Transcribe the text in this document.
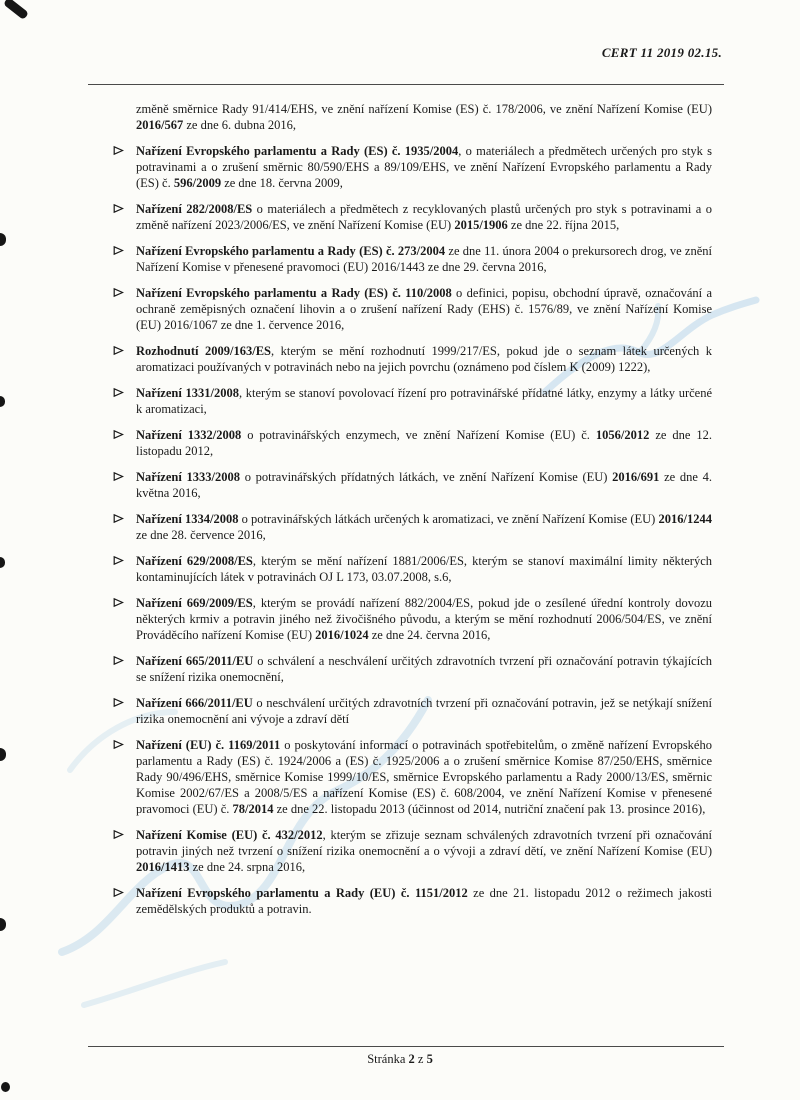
CERT 11 2019 02.15.

změně směrnice Rady 91/414/EHS, ve znění nařízení Komise (ES) č. 178/2006, ve znění Nařízení Komise (EU) 2016/567 ze dne 6. dubna 2016,

Nařízení Evropského parlamentu a Rady (ES) č. 1935/2004, o materiálech a předmětech určených pro styk s potravinami a o zrušení směrnic 80/590/EHS a 89/109/EHS, ve znění Nařízení Evropského parlamentu a Rady (ES) č. 596/2009 ze dne 18. června 2009,
Nařízení 282/2008/ES o materiálech a předmětech z recyklovaných plastů určených pro styk s potravinami a o změně nařízení 2023/2006/ES, ve znění Nařízení Komise (EU) 2015/1906 ze dne 22. října 2015,
Nařízení Evropského parlamentu a Rady (ES) č. 273/2004 ze dne 11. února 2004 o prekursorech drog, ve znění Nařízení Komise v přenesené pravomoci (EU) 2016/1443 ze dne 29. června 2016,
Nařízení Evropského parlamentu a Rady (ES) č. 110/2008 o definici, popisu, obchodní úpravě, označování a ochraně zeměpisných označení lihovin a o zrušení nařízení Rady (EHS) č. 1576/89, ve znění Nařízení Komise (EU) 2016/1067 ze dne 1. července 2016,
Rozhodnutí 2009/163/ES, kterým se mění rozhodnutí 1999/217/ES, pokud jde o seznam látek určených k aromatizaci používaných v potravinách nebo na jejich povrchu (oznámeno pod číslem K (2009) 1222),
Nařízení 1331/2008, kterým se stanoví povolovací řízení pro potravinářské přídatné látky, enzymy a látky určené k aromatizaci,
Nařízení 1332/2008 o potravinářských enzymech, ve znění Nařízení Komise (EU) č. 1056/2012 ze dne 12. listopadu 2012,
Nařízení 1333/2008 o potravinářských přídatných látkách, ve znění Nařízení Komise (EU) 2016/691 ze dne 4. května 2016,
Nařízení 1334/2008 o potravinářských látkách určených k aromatizaci, ve znění Nařízení Komise (EU) 2016/1244 ze dne 28. července 2016,
Nařízení 629/2008/ES, kterým se mění nařízení 1881/2006/ES, kterým se stanoví maximální limity některých kontaminujících látek v potravinách OJ L 173, 03.07.2008, s.6,
Nařízení 669/2009/ES, kterým se provádí nařízení 882/2004/ES, pokud jde o zesílené úřední kontroly dovozu některých krmiv a potravin jiného než živočišného původu, a kterým se mění rozhodnutí 2006/504/ES, ve znění Prováděcího nařízení Komise (EU) 2016/1024 ze dne 24. června 2016,
Nařízení 665/2011/EU o schválení a neschválení určitých zdravotních tvrzení při označování potravin týkajících se snížení rizika onemocnění,
Nařízení 666/2011/EU o neschválení určitých zdravotních tvrzení při označování potravin, jež se netýkají snížení rizika onemocnění ani vývoje a zdraví dětí
Nařízení (EU) č. 1169/2011 o poskytování informací o potravinách spotřebitelům, o změně nařízení Evropského parlamentu a Rady (ES) č. 1924/2006 a (ES) č. 1925/2006 a o zrušení směrnice Komise 87/250/EHS, směrnice Rady 90/496/EHS, směrnice Komise 1999/10/ES, směrnice Evropského parlamentu a Rady 2000/13/ES, směrnic Komise 2002/67/ES a 2008/5/ES a nařízení Komise (ES) č. 608/2004, ve znění Nařízení Komise v přenesené pravomoci (EU) č. 78/2014 ze dne 22. listopadu 2013 (účinnost od 2014, nutriční značení pak 13. prosince 2016),
Nařízení Komise (EU) č. 432/2012, kterým se zřizuje seznam schválených zdravotních tvrzení při označování potravin jiných než tvrzení o snížení rizika onemocnění a o vývoji a zdraví dětí, ve znění Nařízení Komise (EU) 2016/1413 ze dne 24. srpna 2016,
Nařízení Evropského parlamentu a Rady (EU) č. 1151/2012 ze dne 21. listopadu 2012 o režimech jakosti zemědělských produktů a potravin.
Stránka 2 z 5
